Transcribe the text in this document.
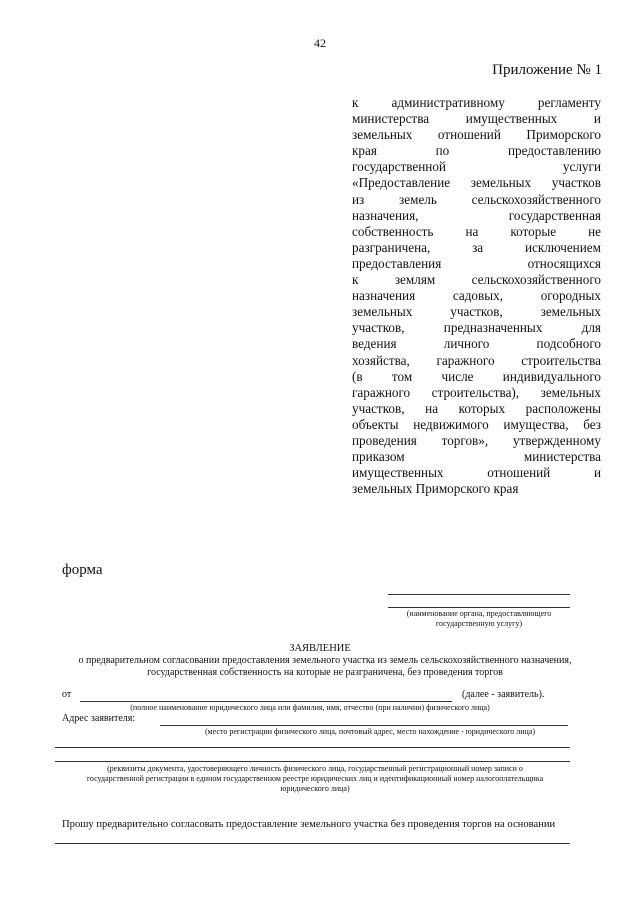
42
Приложение № 1
к административному регламенту
министерства имущественных и
земельных отношений Приморского
края по предоставлению
государственной услуги
«Предоставление земельных участков
из земель сельскохозяйственного
назначения, государственная
собственность на которые не
разграничена, за исключением
предоставления относящихся
к землям сельскохозяйственного
назначения садовых, огородных
земельных участков, земельных
участков, предназначенных для
ведения личного подсобного
хозяйства, гаражного строительства
(в том числе индивидуального
гаражного строительства), земельных
участков, на которых расположены
объекты недвижимого имущества, без
проведения торгов», утвержденному
приказом министерства
имущественных отношений и
земельных Приморского края
форма
(наименование органа, предоставляющего
государственную услугу)
ЗАЯВЛЕНИЕ
о предварительном согласовании предоставления земельного участка из земель сельскохозяйственного назначения,
государственная собственность на которые не разграничена, без проведения торгов
от	(далее - заявитель).
(полное наименование юридического лица или фамилия, имя, отчество (при наличии) физического лица)
Адрес заявителя:
(место регистрации физического лица, почтовый адрес, место нахождение - юридического лица)
(реквизиты документа, удостоверяющего личность физического лица, государственный регистрационный номер записи о
государственной регистрации в едином государственном реестре юридических лиц и идентификационный номер налогоплательщика
юридического лица)
Прошу предварительно согласовать предоставление земельного участка без проведения торгов на основании
